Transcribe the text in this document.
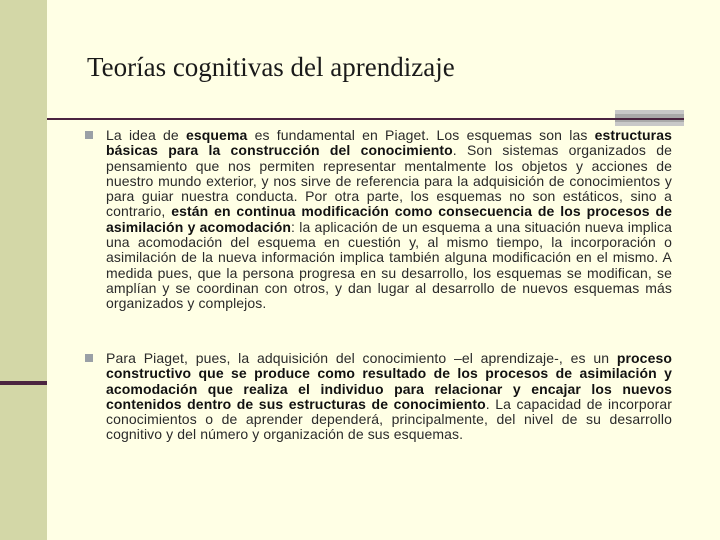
Teorías cognitivas del aprendizaje
La idea de esquema es fundamental en Piaget. Los esquemas son las estructuras básicas para la construcción del conocimiento. Son sistemas organizados de pensamiento que nos permiten representar mentalmente los objetos y acciones de nuestro mundo exterior, y nos sirve de referencia para la adquisición de conocimientos y para guiar nuestra conducta. Por otra parte, los esquemas no son estáticos, sino a contrario, están en continua modificación como consecuencia de los procesos de asimilación y acomodación: la aplicación de un esquema a una situación nueva implica una acomodación del esquema en cuestión y, al mismo tiempo, la incorporación o asimilación de la nueva información implica también alguna modificación en el mismo. A medida pues, que la persona progresa en su desarrollo, los esquemas se modifican, se amplían y se coordinan con otros, y dan lugar al desarrollo de nuevos esquemas más organizados y complejos.
Para Piaget, pues, la adquisición del conocimiento –el aprendizaje-, es un proceso constructivo que se produce como resultado de los procesos de asimilación y acomodación que realiza el individuo para relacionar y encajar los nuevos contenidos dentro de sus estructuras de conocimiento. La capacidad de incorporar conocimientos o de aprender dependerá, principalmente, del nivel de su desarrollo cognitivo y del número y organización de sus esquemas.
